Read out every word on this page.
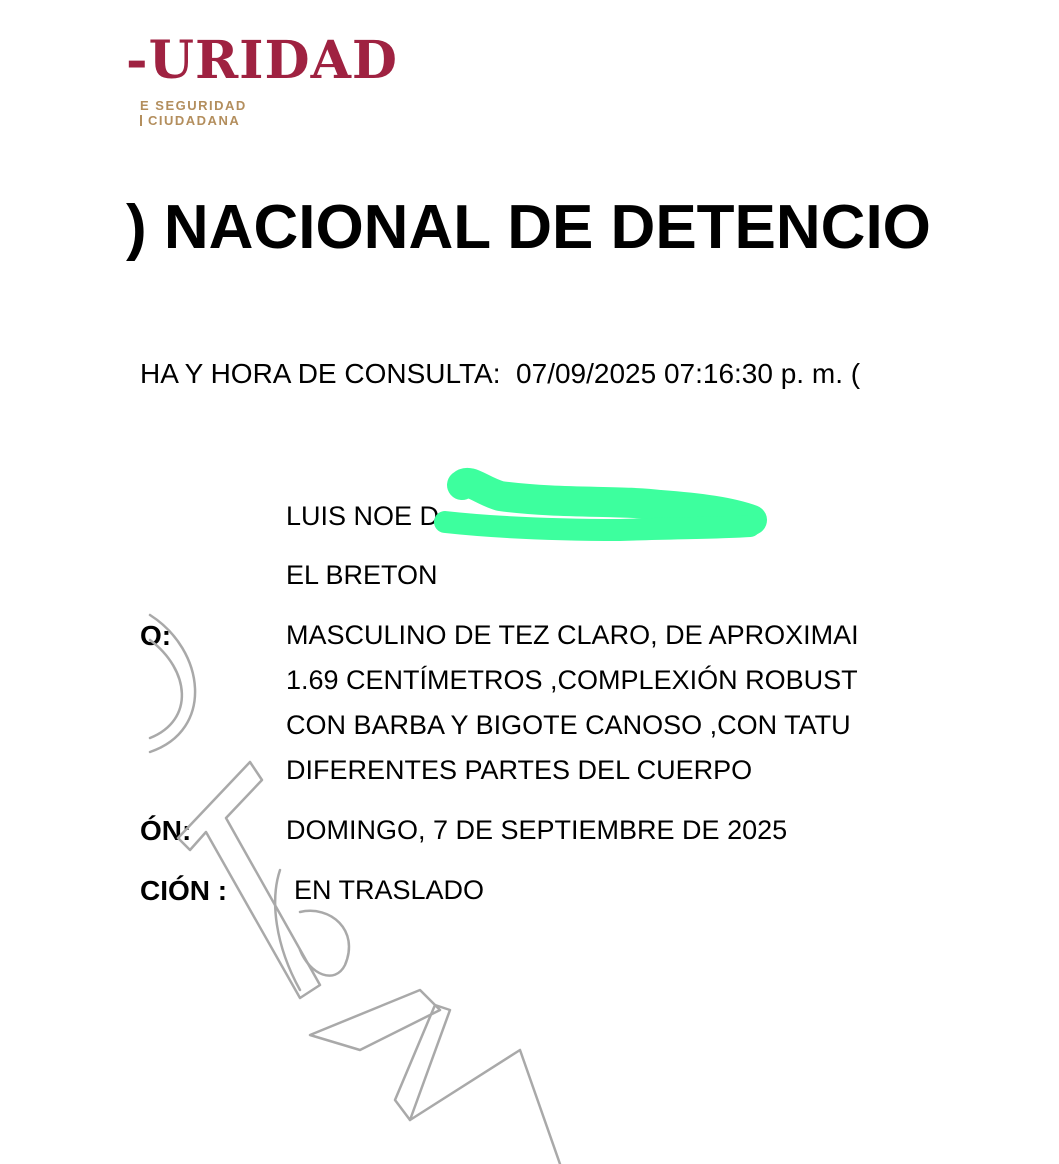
-URIDAD
E SEGURIDAD
CIUDADANA
) NACIONAL DE DETENCIO
HA Y HORA DE CONSULTA: 07/09/2025 07:16:30 p. m. (
LUIS NOE D
EL BRETON
O:	MASCULINO DE TEZ CLARO, DE APROXIMAI
1.69 CENTÍMETROS ,COMPLEXIÓN ROBUST
CON BARBA Y BIGOTE CANOSO ,CON TATU
DIFERENTES PARTES DEL CUERPO
ÓN:	DOMINGO, 7 DE SEPTIEMBRE DE 2025
CIÓN : EN TRASLADO
